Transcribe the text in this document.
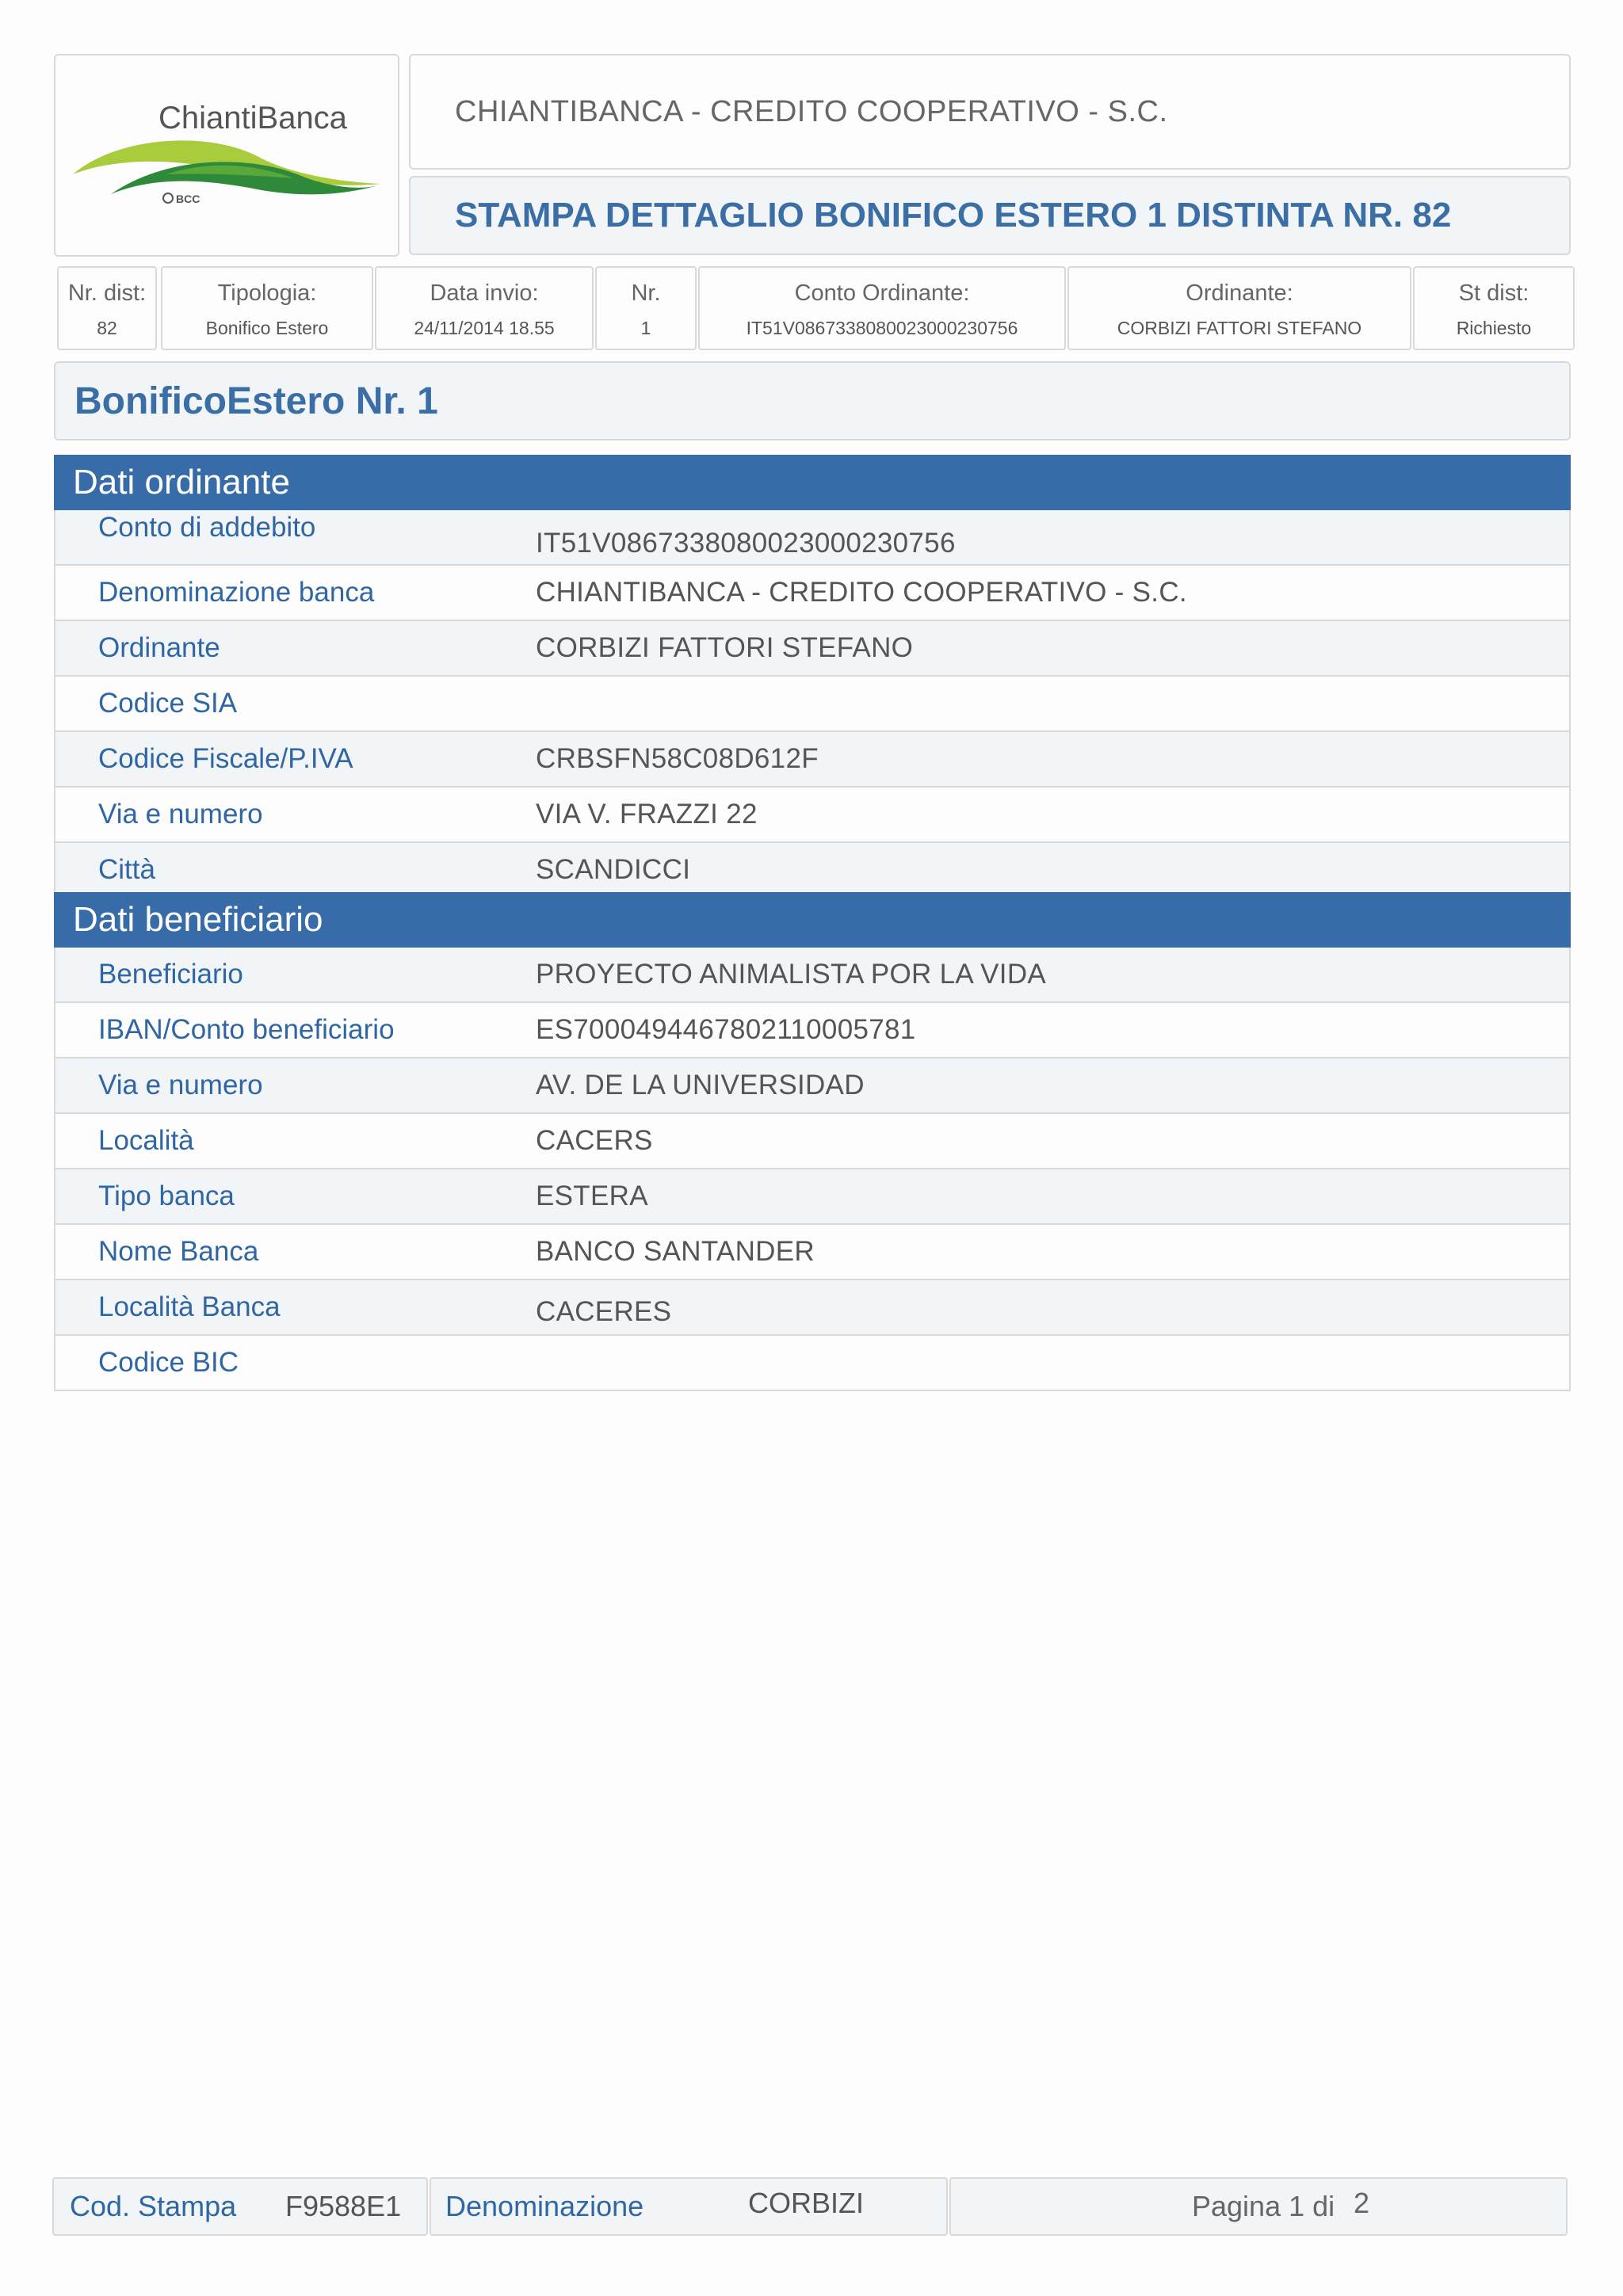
ChiantiBanca
BCC
CHIANTIBANCA - CREDITO COOPERATIVO - S.C.
STAMPA DETTAGLIO BONIFICO ESTERO 1 DISTINTA NR. 82
Nr. dist:
82
Tipologia:
Bonifico Estero
Data invio:
24/11/2014 18.55
Nr.
1
Conto Ordinante:
IT51V0867338080023000230756
Ordinante:
CORBIZI FATTORI STEFANO
St dist:
Richiesto
BonificoEstero Nr. 1
Dati ordinante
Conto di addebito
IT51V0867338080023000230756
Denominazione banca	CHIANTIBANCA - CREDITO COOPERATIVO - S.C.
Ordinante	CORBIZI FATTORI STEFANO
Codice SIA
Codice Fiscale/P.IVA	CRBSFN58C08D612F
Via e numero	VIA V. FRAZZI 22
Città	SCANDICCI
Dati beneficiario
Beneficiario	PROYECTO ANIMALISTA POR LA VIDA
IBAN/Conto beneficiario	ES7000494467802110005781
Via e numero	AV. DE LA UNIVERSIDAD
Località	CACERS
Tipo banca	ESTERA
Nome Banca	BANCO SANTANDER
Località Banca	CACERES
Codice BIC
Cod. Stampa F9588E1 Denominazione	CORBIZI	Pagina 1 di 2
